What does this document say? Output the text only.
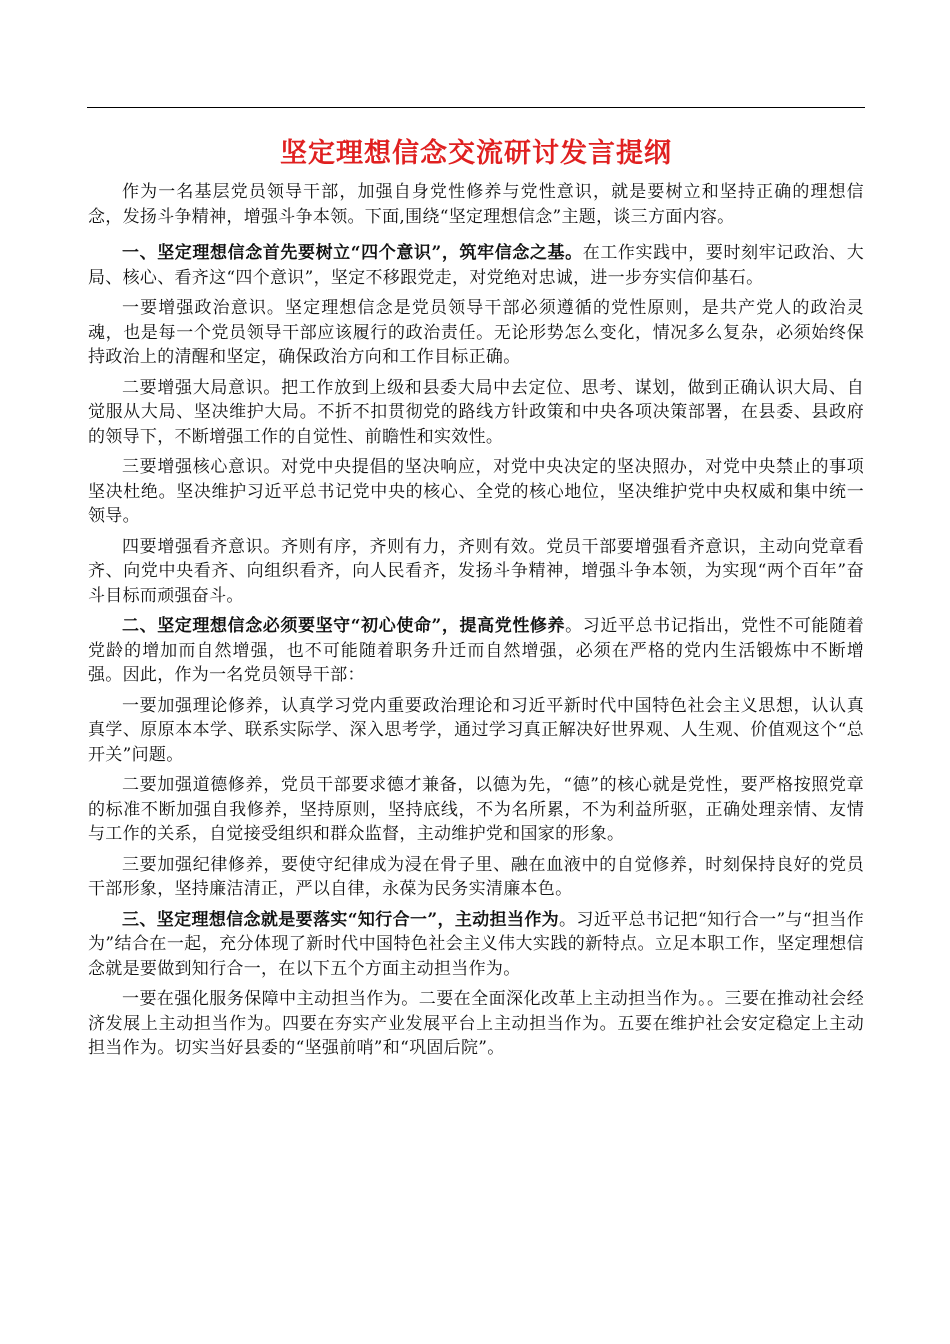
坚定理想信念交流研讨发言提纲

作为一名基层党员领导干部，加强自身党性修养与党性意识，就是要树立和坚持正确的理想信念，发扬斗争精神，增强斗争本领。下面,围绕“坚定理想信念”主题，谈三方面内容。

一、坚定理想信念首先要树立“四个意识”，筑牢信念之基。在工作实践中，要时刻牢记政治、大局、核心、看齐这“四个意识”，坚定不移跟党走，对党绝对忠诚，进一步夯实信仰基石。

一要增强政治意识。坚定理想信念是党员领导干部必须遵循的党性原则，是共产党人的政治灵魂，也是每一个党员领导干部应该履行的政治责任。无论形势怎么变化，情况多么复杂，必须始终保持政治上的清醒和坚定，确保政治方向和工作目标正确。

二要增强大局意识。把工作放到上级和县委大局中去定位、思考、谋划，做到正确认识大局、自觉服从大局、坚决维护大局。不折不扣贯彻党的路线方针政策和中央各项决策部署，在县委、县政府的领导下，不断增强工作的自觉性、前瞻性和实效性。

三要增强核心意识。对党中央提倡的坚决响应，对党中央决定的坚决照办，对党中央禁止的事项坚决杜绝。坚决维护习近平总书记党中央的核心、全党的核心地位，坚决维护党中央权威和集中统一领导。

四要增强看齐意识。齐则有序，齐则有力，齐则有效。党员干部要增强看齐意识，主动向党章看齐、向党中央看齐、向组织看齐，向人民看齐，发扬斗争精神，增强斗争本领，为实现“两个百年”奋斗目标而顽强奋斗。

二、坚定理想信念必须要坚守“初心使命”，提高党性修养。习近平总书记指出，党性不可能随着党龄的增加而自然增强，也不可能随着职务升迁而自然增强，必须在严格的党内生活锻炼中不断增强。因此，作为一名党员领导干部：

一要加强理论修养，认真学习党内重要政治理论和习近平新时代中国特色社会主义思想，认认真真学、原原本本学、联系实际学、深入思考学，通过学习真正解决好世界观、人生观、价值观这个“总开关”问题。

二要加强道德修养，党员干部要求德才兼备，以德为先，“德”的核心就是党性，要严格按照党章的标准不断加强自我修养，坚持原则，坚持底线，不为名所累，不为利益所驱，正确处理亲情、友情与工作的关系，自觉接受组织和群众监督，主动维护党和国家的形象。

三要加强纪律修养，要使守纪律成为浸在骨子里、融在血液中的自觉修养，时刻保持良好的党员干部形象，坚持廉洁清正，严以自律，永葆为民务实清廉本色。

三、坚定理想信念就是要落实“知行合一”，主动担当作为。习近平总书记把“知行合一”与“担当作为”结合在一起，充分体现了新时代中国特色社会主义伟大实践的新特点。立足本职工作，坚定理想信念就是要做到知行合一，在以下五个方面主动担当作为。

一要在强化服务保障中主动担当作为。二要在全面深化改革上主动担当作为。。三要在推动社会经济发展上主动担当作为。四要在夯实产业发展平台上主动担当作为。五要在维护社会安定稳定上主动担当作为。切实当好县委的“坚强前哨”和“巩固后院”。
